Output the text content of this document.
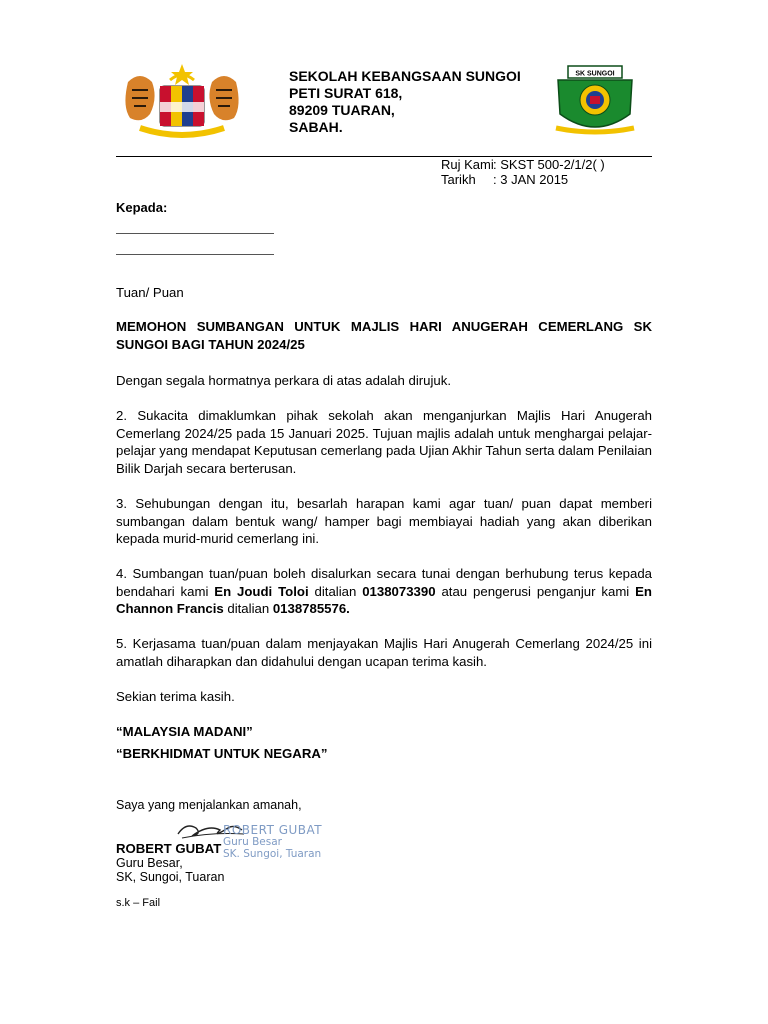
SEKOLAH KEBANGSAAN SUNGOI
PETI SURAT 618,
89209 TUARAN,
SABAH.
SK SUNGOI
Ruj Kami: SKST 500-2/1/2( )
Tarikh : 3 JAN 2015
Kepada:
Tuan/ Puan
MEMOHON SUMBANGAN UNTUK MAJLIS HARI ANUGERAH CEMERLANG SK SUNGOI BAGI TAHUN 2024/25
Dengan segala hormatnya perkara di atas adalah dirujuk.
2. Sukacita dimaklumkan pihak sekolah akan menganjurkan Majlis Hari Anugerah Cemerlang 2024/25 pada 15 Januari 2025. Tujuan majlis adalah untuk menghargai pelajar-pelajar yang mendapat Keputusan cemerlang pada Ujian Akhir Tahun serta dalam Penilaian Bilik Darjah secara berterusan.
3. Sehubungan dengan itu, besarlah harapan kami agar tuan/ puan dapat memberi sumbangan dalam bentuk wang/ hamper bagi membiayai hadiah yang akan diberikan kepada murid-murid cemerlang ini.
4. Sumbangan tuan/puan boleh disalurkan secara tunai dengan berhubung terus kepada bendahari kami En Joudi Toloi ditalian 0138073390 atau pengerusi penganjur kami En Channon Francis ditalian 0138785576.
5. Kerjasama tuan/puan dalam menjayakan Majlis Hari Anugerah Cemerlang 2024/25 ini amatlah diharapkan dan didahului dengan ucapan terima kasih.
Sekian terima kasih.
“MALAYSIA MADANI”
“BERKHIDMAT UNTUK NEGARA”
Saya yang menjalankan amanah,
ROBERT GUBAT
Guru Besar
SK. Sungoi, Tuaran
ROBERT GUBAT
Guru Besar,
SK, Sungoi, Tuaran
s.k – Fail
